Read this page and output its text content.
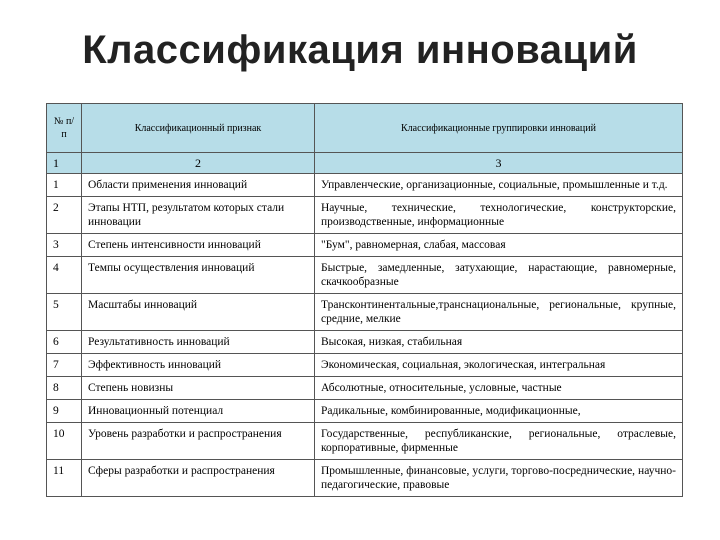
Классификация инноваций
№ п/п	Классификационный признак	Классификационные группировки инноваций
1	2	3
1	Области применения инноваций	Управленческие, организационные, социальные, промышленные и т.д.
2	Этапы НТП, результатом которых стали инновации	Научные, технические, технологические, конструкторские, производственные, информационные
3	Степень интенсивности инноваций	"Бум", равномерная, слабая, массовая
4	Темпы осуществления инноваций	Быстрые, замедленные, затухающие, нарастающие, равномерные, скачкообразные
5	Масштабы инноваций	Трансконтинентальные,транснациональные, региональные, крупные, средние, мелкие
6	Результативность инноваций	Высокая, низкая, стабильная
7	Эффективность инноваций	Экономическая, социальная, экологическая, интегральная
8	Степень новизны	Абсолютные, относительные, условные, частные
9	Инновационный потенциал	Радикальные, комбинированные, модификационные,
10	Уровень разработки и распространения	Государственные, республиканские, региональные, отраслевые, корпоративные, фирменные
11	Сферы разработки и распространения	Промышленные, финансовые, услуги, торгово-посреднические, научно-педагогические, правовые
